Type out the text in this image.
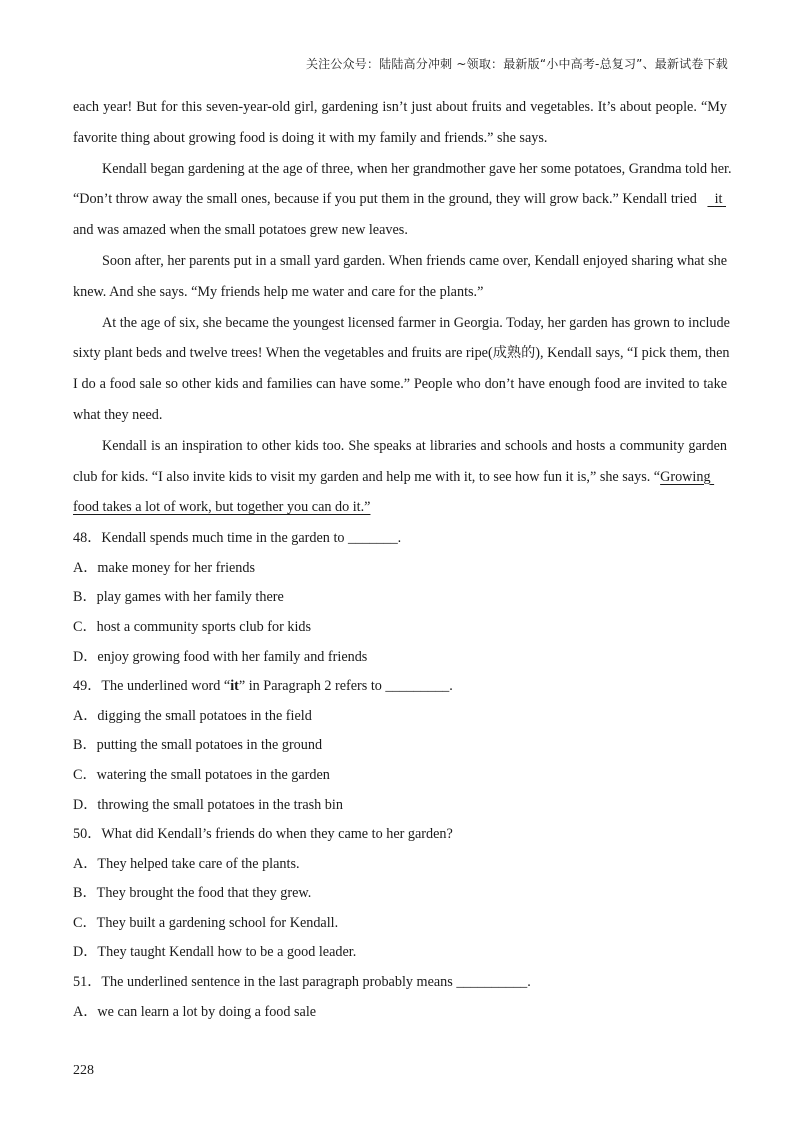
关注公众号：陆陆高分冲刺 ~领取：最新版“小中高考-总复习”、最新试卷下载
each year! But for this seven-year-old girl, gardening isn’t just about fruits and vegetables. It’s about people. “My
favorite thing about growing food is doing it with my family and friends.” she says.
Kendall began gardening at the age of three, when her grandmother gave her some potatoes, Grandma told her.
“Don’t throw away the small ones, because if you put them in the ground, they will grow back.” Kendall tried it
and was amazed when the small potatoes grew new leaves.
Soon after, her parents put in a small yard garden. When friends came over, Kendall enjoyed sharing what she
knew. And she says. “My friends help me water and care for the plants.”
At the age of six, she became the youngest licensed farmer in Georgia. Today, her garden has grown to include
sixty plant beds and twelve trees! When the vegetables and fruits are ripe(成熟的), Kendall says, “I pick them, then
I do a food sale so other kids and families can have some.” People who don’t have enough food are invited to take
what they need.
Kendall is an inspiration to other kids too. She speaks at libraries and schools and hosts a community garden
club for kids. “I also invite kids to visit my garden and help me with it, to see how fun it is,” she says. “Growing
food takes a lot of work, but together you can do it.”
48．Kendall spends much time in the garden to _______.
A．make money for her friends
B．play games with her family there
C．host a community sports club for kids
D．enjoy growing food with her family and friends
49．The underlined word “it” in Paragraph 2 refers to _________.
A．digging the small potatoes in the field
B．putting the small potatoes in the ground
C．watering the small potatoes in the garden
D．throwing the small potatoes in the trash bin
50．What did Kendall’s friends do when they came to her garden?
A．They helped take care of the plants.
B．They brought the food that they grew.
C．They built a gardening school for Kendall.
D．They taught Kendall how to be a good leader.
51．The underlined sentence in the last paragraph probably means __________.
A．we can learn a lot by doing a food sale
228
